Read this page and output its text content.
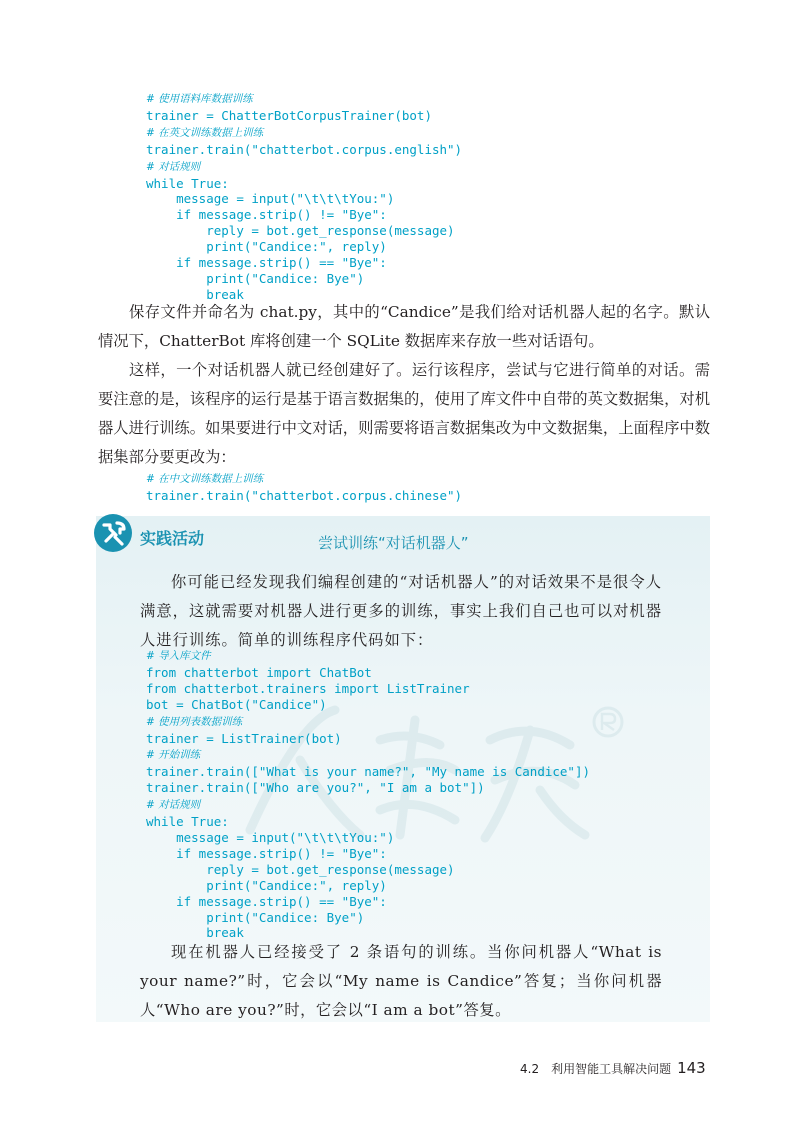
# 使用语料库数据训练
trainer = ChatterBotCorpusTrainer(bot)
# 在英文训练数据上训练
trainer.train("chatterbot.corpus.english")
# 对话规则
while True:
message = input("\t\t\tYou:")
if message.strip() != "Bye":
reply = bot.get_response(message)
print("Candice:", reply)
if message.strip() == "Bye":
print("Candice: Bye")
break

保存文件并命名为 chat.py，其中的“Candice”是我们给对话机器人起的名字。默认情况下，ChatterBot 库将创建一个 SQLite 数据库来存放一些对话语句。

这样，一个对话机器人就已经创建好了。运行该程序，尝试与它进行简单的对话。需要注意的是，该程序的运行是基于语言数据集的，使用了库文件中自带的英文数据集，对机器人进行训练。如果要进行中文对话，则需要将语言数据集改为中文数据集，上面程序中数据集部分要更改为：

# 在中文训练数据上训练
trainer.train("chatterbot.corpus.chinese")
实践活动	尝试训练“对话机器人”

你可能已经发现我们编程创建的“对话机器人”的对话效果不是很令人满意，这就需要对机器人进行更多的训练，事实上我们自己也可以对机器人进行训练。简单的训练程序代码如下：

# 导入库文件
from chatterbot import ChatBot
from chatterbot.trainers import ListTrainer
bot = ChatBot("Candice")
# 使用列表数据训练
trainer = ListTrainer(bot)
# 开始训练
trainer.train(["What is your name?", "My name is Candice"])
trainer.train(["Who are you?", "I am a bot"])
# 对话规则
while True:
message = input("\t\t\tYou:")
if message.strip() != "Bye":
reply = bot.get_response(message)
print("Candice:", reply)
if message.strip() == "Bye":
print("Candice: Bye")
break

现在机器人已经接受了 2 条语句的训练。当你问机器人“What is your name?”时，它会以“My name is Candice”答复；当你问机器人“Who are you?”时，它会以“I am a bot”答复。

4.2　利用智能工具解决问题 143
